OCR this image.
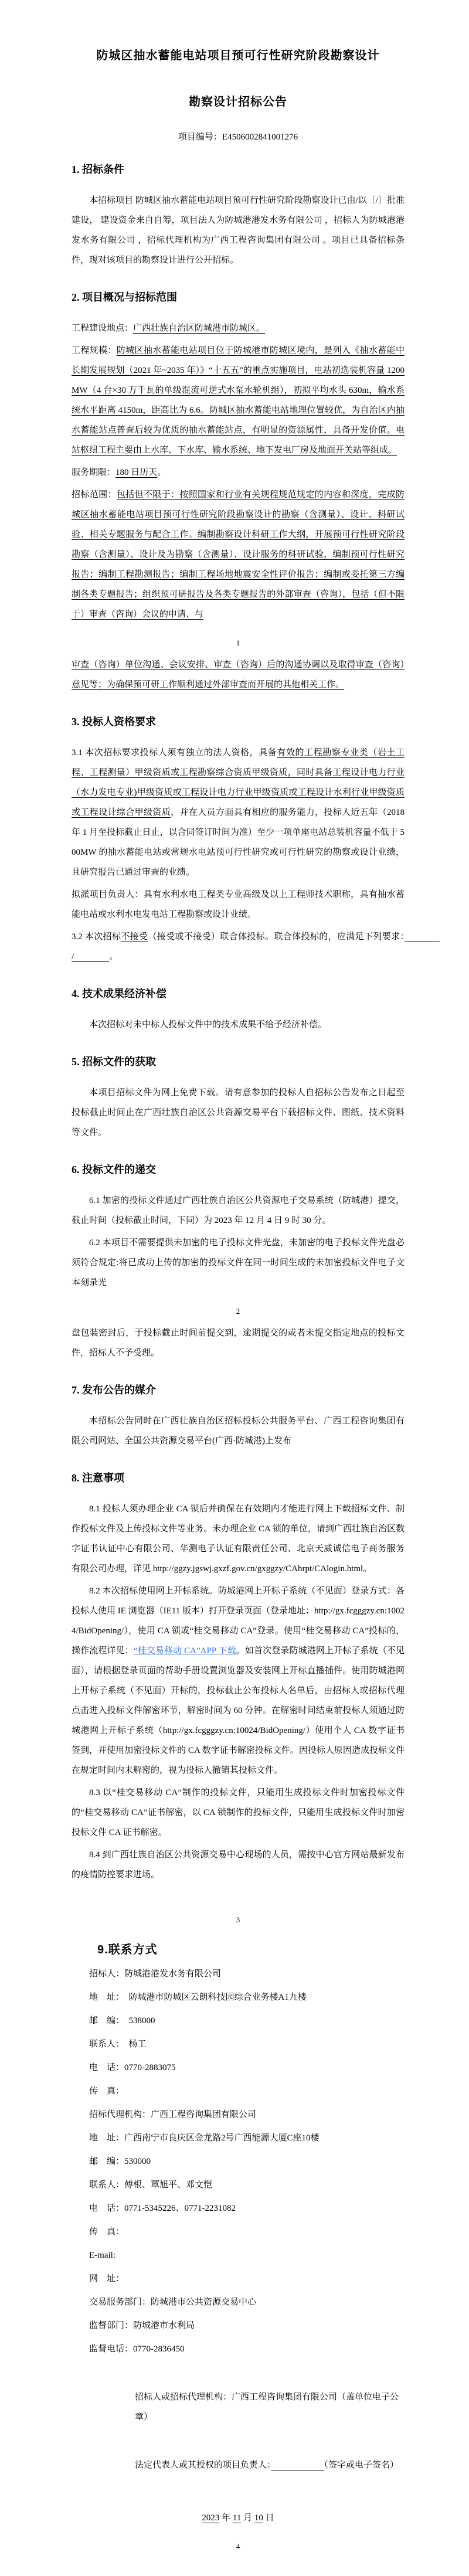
防城区抽水蓄能电站项目预可行性研究阶段勘察设计
勘察设计招标公告
项目编号：E4506002841001276
1. 招标条件
本招标项目 防城区抽水蓄能电站项目预可行性研究阶段勘察设计已由/以〔/〕批准建设， 建设资金来自自筹，项目法人为防城港港发水务有限公司 ，招标人为防城港港发水务有限公司 ，招标代理机构为广西工程咨询集团有限公司 。项目已具备招标条件，现对该项目的勘察设计进行公开招标。
2. 项目概况与招标范围
工程建设地点：广西壮族自治区防城港市防城区。
工程规模：防城区抽水蓄能电站项目位于防城港市防城区境内，是列入《抽水蓄能中长期发展规划（2021 年~2035 年）》“十五五”的重点实施项目，电站初选装机容量 1200MW（4 台×30 万千瓦的单级混流可逆式水泵水轮机组），初拟平均水头 630m，输水系统水平距离 4150m，距高比为 6.6。防城区抽水蓄能电站地理位置较优，为自治区内抽水蓄能站点普查后较为优质的抽水蓄能站点，有明显的资源属性，具备开发价值。电站枢纽工程主要由上水库、下水库、输水系统、地下发电厂房及地面开关站等组成。
服务期限：180 日历天。
招标范围：包括但不限于：按照国家和行业有关规程规范规定的内容和深度，完成防城区抽水蓄能电站项目预可行性研究阶段勘察设计的勘察（含测量）、设计、科研试验、相关专题服务与配合工作。编制勘察设计科研工作大纲，开展预可行性研究阶段勘察（含测量）、设计及为勘察（含测量）、设计服务的科研试验，编制预可行性研究报告；编制工程勘测报告；编制工程场地地震安全性评价报告；编制或委托第三方编制各类专题报告；组织预可研报告及各类专题报告的外部审查（咨询），包括（但不限于）审查（咨询）会议的申请、与
1
审查（咨询）单位沟通、会议安排、审查（咨询）后的沟通协调以及取得审查（咨询）意见等；为确保预可研工作顺利通过外部审查而开展的其他相关工作。
3. 投标人资格要求
3.1 本次招标要求投标人须有独立的法人资格，具备有效的工程勘察专业类（岩土工程、工程测量）甲级资质或工程勘察综合资质甲级资质，同时具备工程设计电力行业（水力发电专业)甲级资质或工程设计电力行业甲级资质或工程设计水利行业甲级资质或工程设计综合甲级资质，并在人员方面具有相应的服务能力，投标人近五年（2018 年 1 月至投标截止日止，以合同签订时间为准）至少一项单座电站总装机容量不低于 500MW 的抽水蓄能电站或常规水电站预可行性研究或可行性研究的勘察或设计业绩，且研究报告已通过审查的业绩。
拟派项目负责人：具有水利水电工程类专业高级及以上工程师技术职称，具有抽水蓄能电站或水利水电发电站工程勘察或设计业绩。
3.2 本次招标不接受（接受或不接受）联合体投标。联合体投标的，应满足下列要求：　　　　/　　　　。
4. 技术成果经济补偿
本次招标对未中标人投标文件中的技术成果不给予经济补偿。
5. 招标文件的获取
本项目招标文件为网上免费下载。请有意参加的投标人自招标公告发布之日起至投标截止时间止在广西壮族自治区公共资源交易平台下载招标文件、图纸、技术资料等文件。
6. 投标文件的递交
6.1 加密的投标文件通过广西壮族自治区公共资源电子交易系统（防城港）提交，截止时间（投标截止时间，下同）为 2023 年 12 月 4 日 9 时 30 分。
6.2 本项目不需要提供未加密的电子投标文件光盘，未加密的电子投标文件光盘必须符合规定:将已成功上传的加密的投标文件在同一时间生成的未加密投标文件电子文本刻录光
2
盘包装密封后，于投标截止时间前提交到，逾期提交的或者未提交指定地点的投标文件，招标人不予受理。
7. 发布公告的媒介
本招标公告同时在广西壮族自治区招标投标公共服务平台、广西工程咨询集团有限公司网站、全国公共资源交易平台(广西·防城港)上发布
8. 注意事项
8.1 投标人须办理企业 CA 锁后并确保在有效期内才能进行网上下载招标文件、制作投标文件及上传投标文件等业务。未办理企业 CA 锁的单位，请到广西壮族自治区数字证书认证中心有限公司、华测电子认证有限责任公司、北京天威诚信电子商务服务有限公司办理，详见 http://ggzy.jgswj.gxzf.gov.cn/gxggzy/CAhrpt/CAlogin.html。
8.2 本次招标使用网上开标系统。防城港网上开标子系统（不见面）登录方式：各投标人使用 IE 浏览器（IE11 版本）打开登录页面（登录地址：http://gx.fcgggzy.cn:10024/BidOpening/），使用 CA 锁或“桂交易移动 CA”登录。使用“桂交易移动 CA”投标的，操作流程详见：“桂交易移动 CA”APP 下载。如首次登录防城港网上开标子系统（不见面），请根据登录页面的帮助手册设置浏览器及安装网上开标直播插件。使用防城港网上开标子系统（不见面）开标的，投标截止公布投标人名单后，由招标人或招标代理点击进入投标文件解密环节，解密时间为 60 分钟。在解密时间结束前投标人须通过防城港网上开标子系统（http://gx.fcgggzy.cn:10024/BidOpening/）使用个人 CA 数字证书签到，并使用加密投标文件的 CA 数字证书解密投标文件。因投标人原因造成投标文件在规定时间内未解密的，视为投标人撤销其投标文件。
8.3 以“桂交易移动 CA”制作的投标文件，只能用生成投标文件时加密投标文件的“桂交易移动 CA”证书解密，以 CA 锁制作的投标文件，只能用生成投标文件时加密投标文件 CA 证书解密。
8.4 到广西壮族自治区公共资源交易中心现场的人员，需按中心官方网站最新发布的疫情防控要求进场。
3
9.联系方式
招标人：防城港港发水务有限公司
地　址：　防城港市防城区云朗科技园综合业务楼A1九楼
邮　编：　538000
联系人：　杨工
电　话：0770-2883075
传　真：
招标代理机构：广西工程咨询集团有限公司
地　址：广西南宁市良庆区金龙路2号广西能源大厦C座10楼
邮　编：530000
联系人：傅根、覃旭平、邓文恺
电　话：0771-5345226、0771-2231082
传　真：
E-mail:
网　址：
交易服务部门：防城港市公共资源交易中心
监督部门：防城港市水利局
监督电话：0770-2836450
招标人或招标代理机构：广西工程咨询集团有限公司（盖单位电子公章）
法定代表人或其授权的项目负责人：　　　　　　	（签字或电子签名）
2023 年 11 月 10 日
4
